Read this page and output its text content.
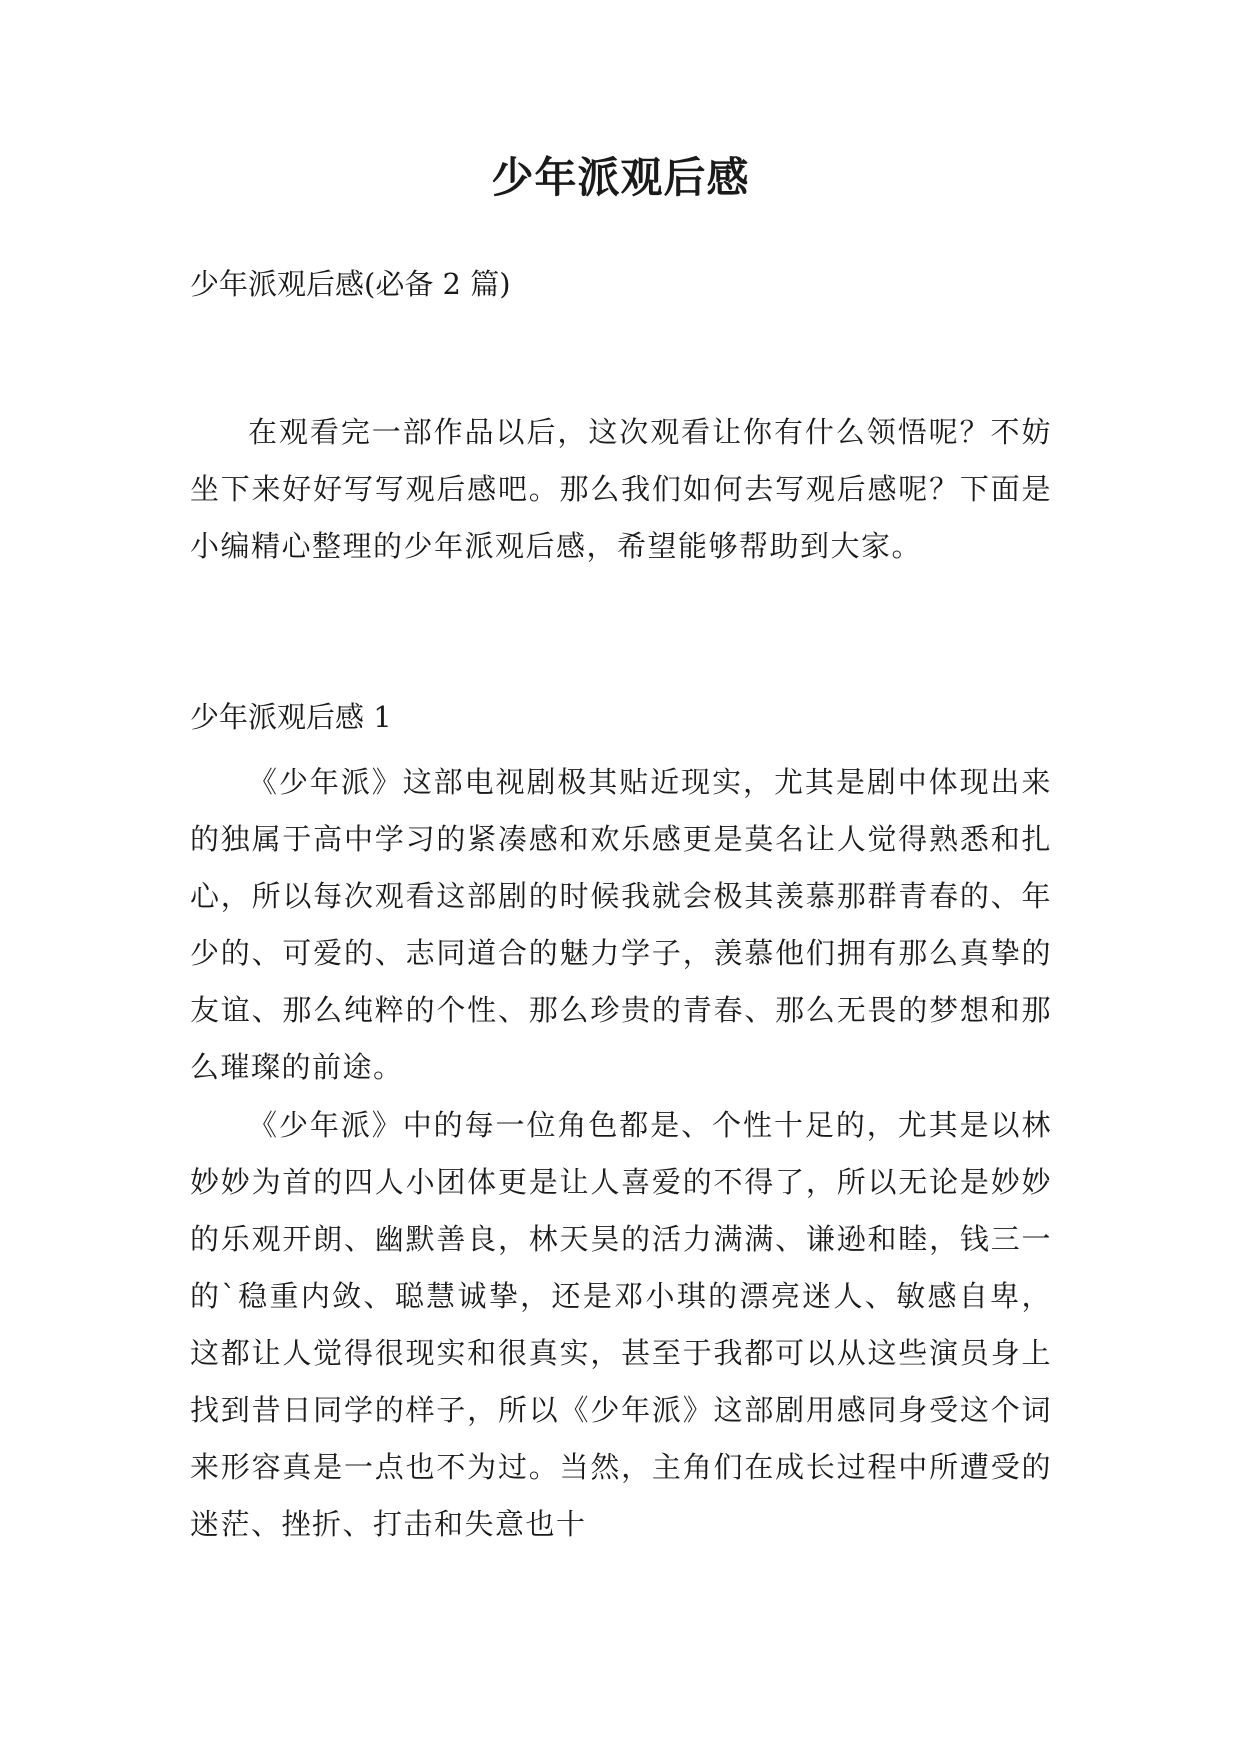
少年派观后感

少年派观后感(必备 2 篇)

在观看完一部作品以后，这次观看让你有什么领悟呢？不妨坐下来好好写写观后感吧。那么我们如何去写观后感呢？下面是小编精心整理的少年派观后感，希望能够帮助到大家。

少年派观后感 1

《少年派》这部电视剧极其贴近现实，尤其是剧中体现出来的独属于高中学习的紧凑感和欢乐感更是莫名让人觉得熟悉和扎心，所以每次观看这部剧的时候我就会极其羡慕那群青春的、年少的、可爱的、志同道合的魅力学子，羡慕他们拥有那么真挚的友谊、那么纯粹的个性、那么珍贵的青春、那么无畏的梦想和那么璀璨的前途。

《少年派》中的每一位角色都是、个性十足的，尤其是以林妙妙为首的四人小团体更是让人喜爱的不得了，所以无论是妙妙的乐观开朗、幽默善良，林天昊的活力满满、谦逊和睦，钱三一的`稳重内敛、聪慧诚挚，还是邓小琪的漂亮迷人、敏感自卑，这都让人觉得很现实和很真实，甚至于我都可以从这些演员身上找到昔日同学的样子，所以《少年派》这部剧用感同身受这个词来形容真是一点也不为过。当然，主角们在成长过程中所遭受的迷茫、挫折、打击和失意也十
